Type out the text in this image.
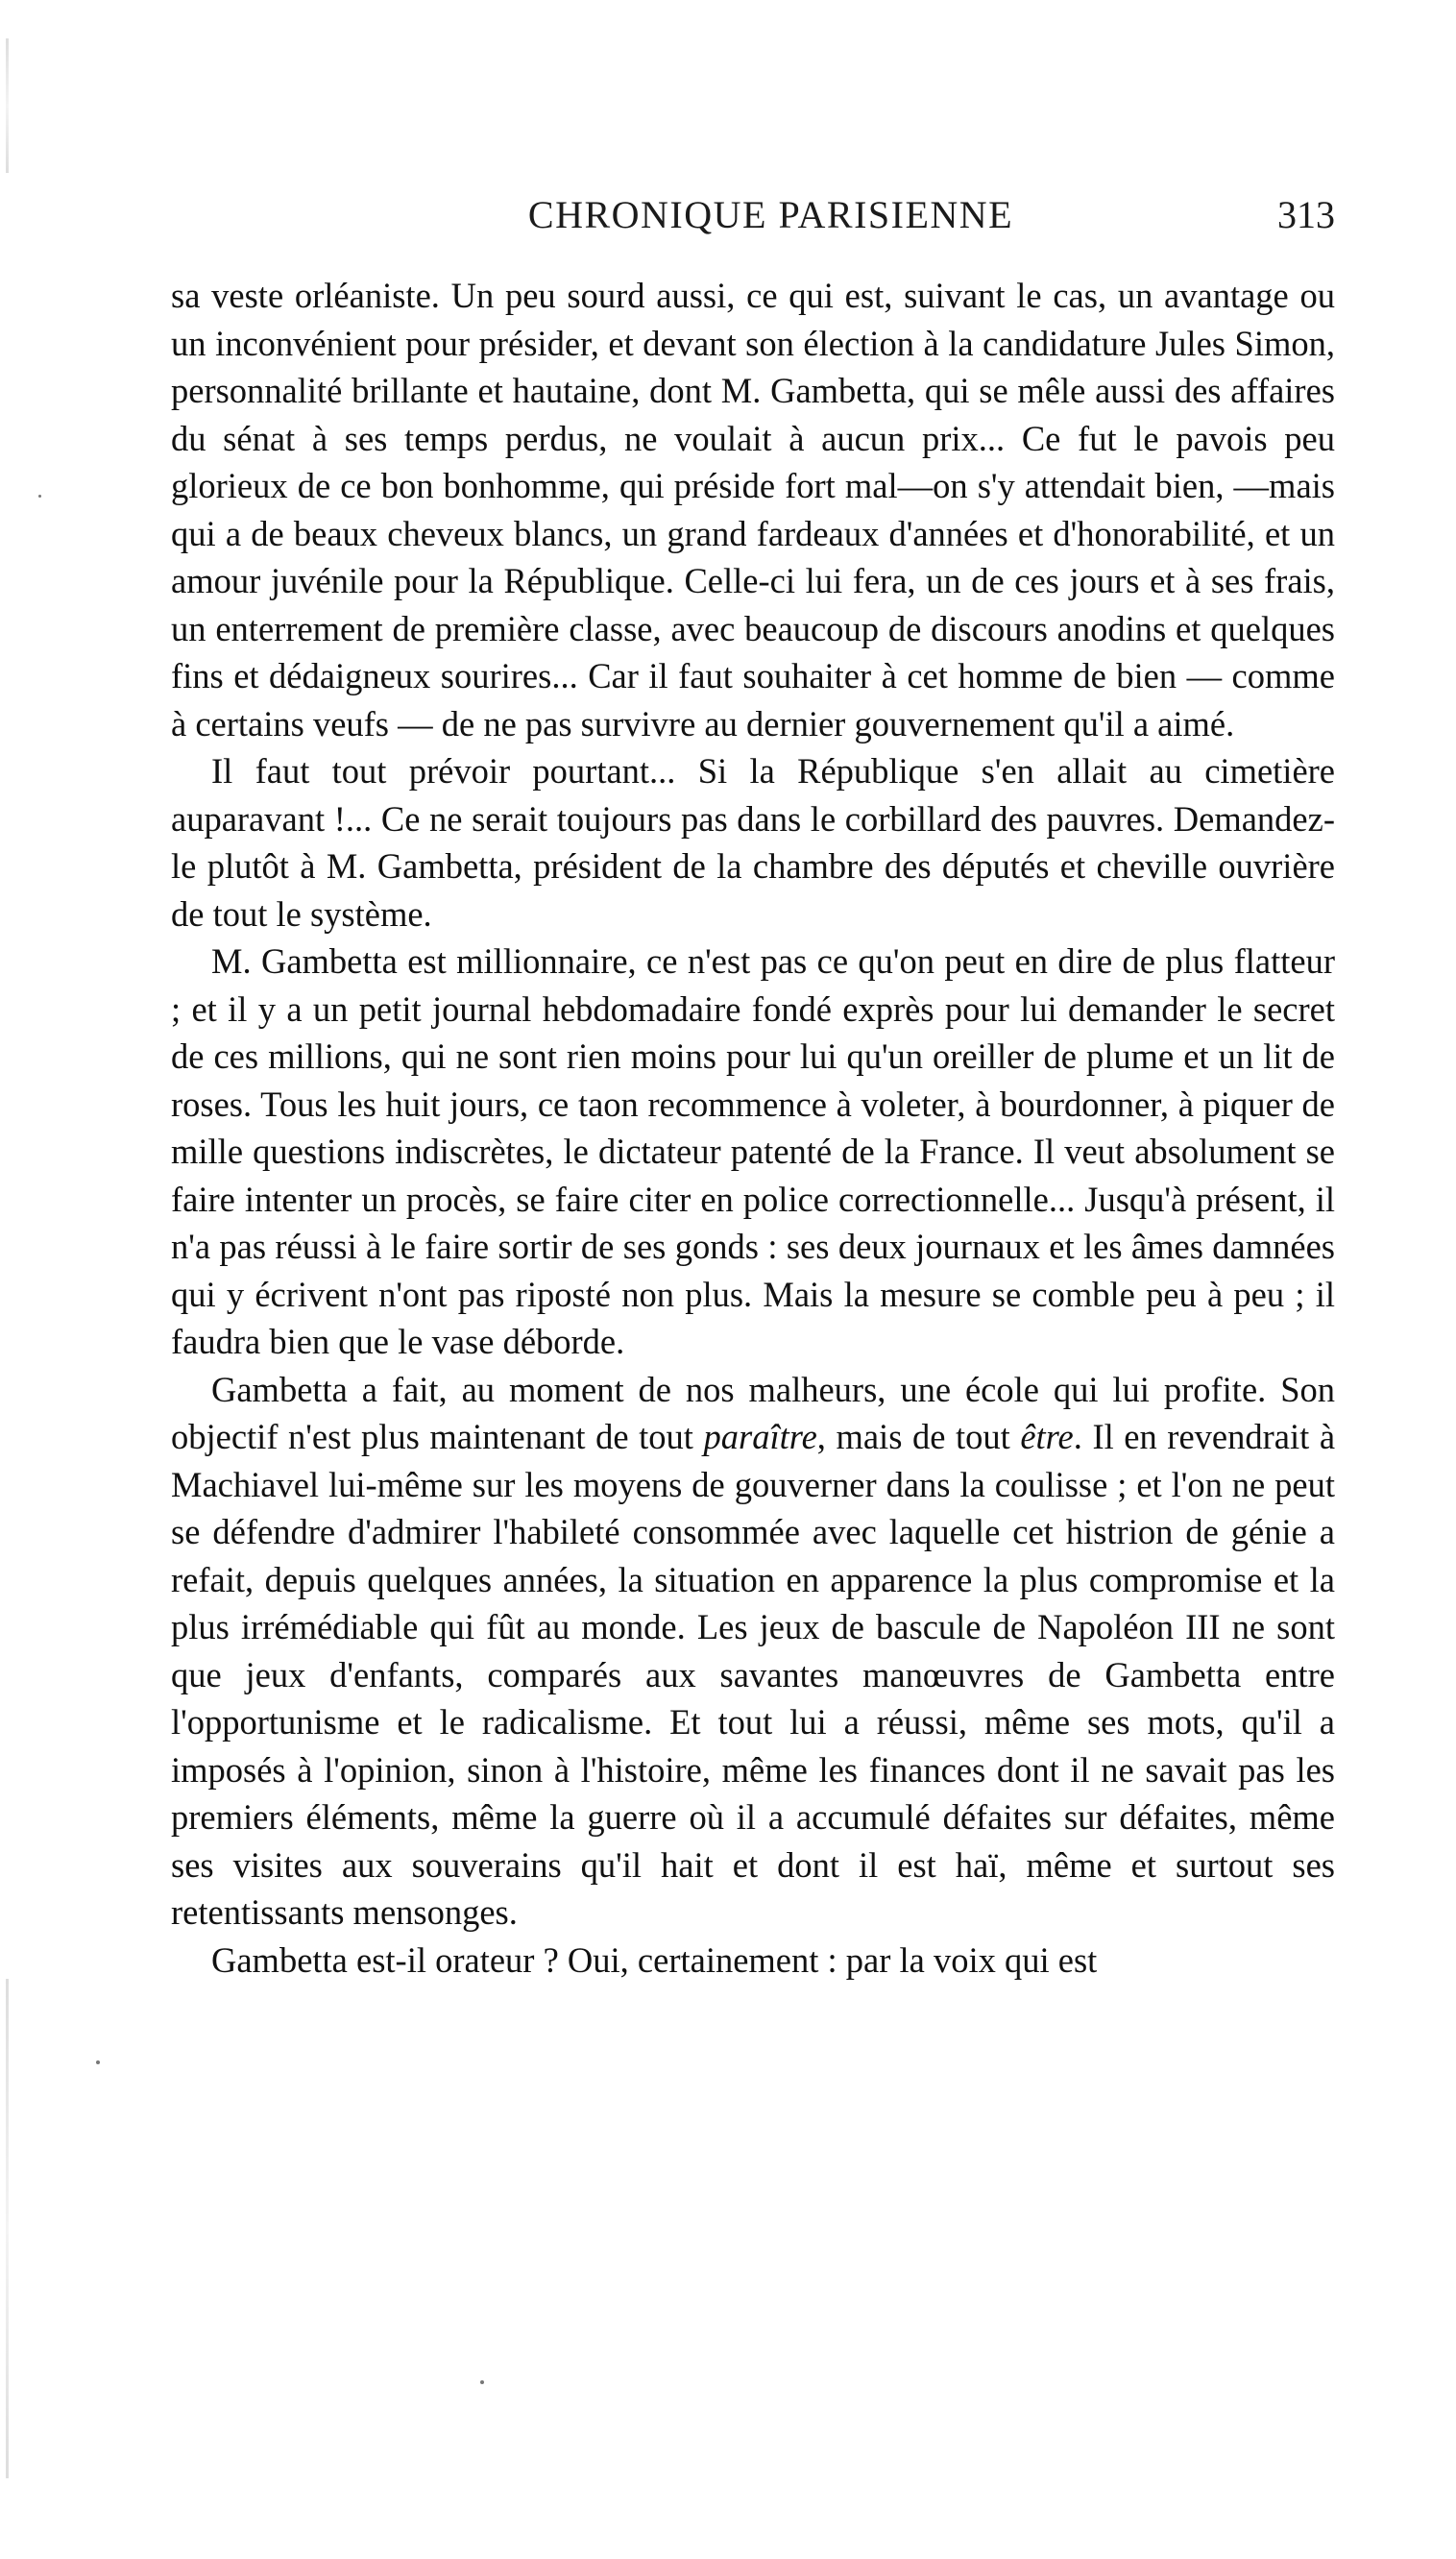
CHRONIQUE PARISIENNE	313

sa veste orléaniste. Un peu sourd aussi, ce qui est, suivant le cas, un avantage ou un inconvénient pour présider, et devant son élection à la candidature Jules Simon, personnalité brillante et hautaine, dont M. Gambetta, qui se mêle aussi des affaires du sénat à ses temps perdus, ne voulait à aucun prix... Ce fut le pavois peu glorieux de ce bon bonhomme, qui préside fort mal—on s'y attendait bien, —mais qui a de beaux cheveux blancs, un grand fardeaux d'années et d'honorabilité, et un amour juvénile pour la République. Celle-ci lui fera, un de ces jours et à ses frais, un enterrement de première classe, avec beaucoup de discours anodins et quelques fins et dédaigneux sourires... Car il faut souhaiter à cet homme de bien — comme à certains veufs — de ne pas survivre au dernier gouvernement qu'il a aimé.

Il faut tout prévoir pourtant... Si la République s'en allait au cimetière auparavant !... Ce ne serait toujours pas dans le corbillard des pauvres. Demandez-le plutôt à M. Gambetta, président de la chambre des députés et cheville ouvrière de tout le système.

M. Gambetta est millionnaire, ce n'est pas ce qu'on peut en dire de plus flatteur ; et il y a un petit journal hebdomadaire fondé exprès pour lui demander le secret de ces millions, qui ne sont rien moins pour lui qu'un oreiller de plume et un lit de roses. Tous les huit jours, ce taon recommence à voleter, à bourdonner, à piquer de mille questions indiscrètes, le dictateur patenté de la France. Il veut absolument se faire intenter un procès, se faire citer en police correctionnelle... Jusqu'à présent, il n'a pas réussi à le faire sortir de ses gonds : ses deux journaux et les âmes damnées qui y écrivent n'ont pas riposté non plus. Mais la mesure se comble peu à peu ; il faudra bien que le vase déborde.

Gambetta a fait, au moment de nos malheurs, une école qui lui profite. Son objectif n'est plus maintenant de tout paraître, mais de tout être. Il en revendrait à Machiavel lui-même sur les moyens de gouverner dans la coulisse ; et l'on ne peut se défendre d'admirer l'habileté consommée avec laquelle cet histrion de génie a refait, depuis quelques années, la situation en apparence la plus compromise et la plus irrémédiable qui fût au monde. Les jeux de bascule de Napoléon III ne sont que jeux d'enfants, comparés aux savantes manœuvres de Gambetta entre l'opportunisme et le radicalisme. Et tout lui a réussi, même ses mots, qu'il a imposés à l'opinion, sinon à l'histoire, même les finances dont il ne savait pas les premiers éléments, même la guerre où il a accumulé défaites sur défaites, même ses visites aux souverains qu'il hait et dont il est haï, même et surtout ses retentissants mensonges.

Gambetta est-il orateur ? Oui, certainement : par la voix qui est
